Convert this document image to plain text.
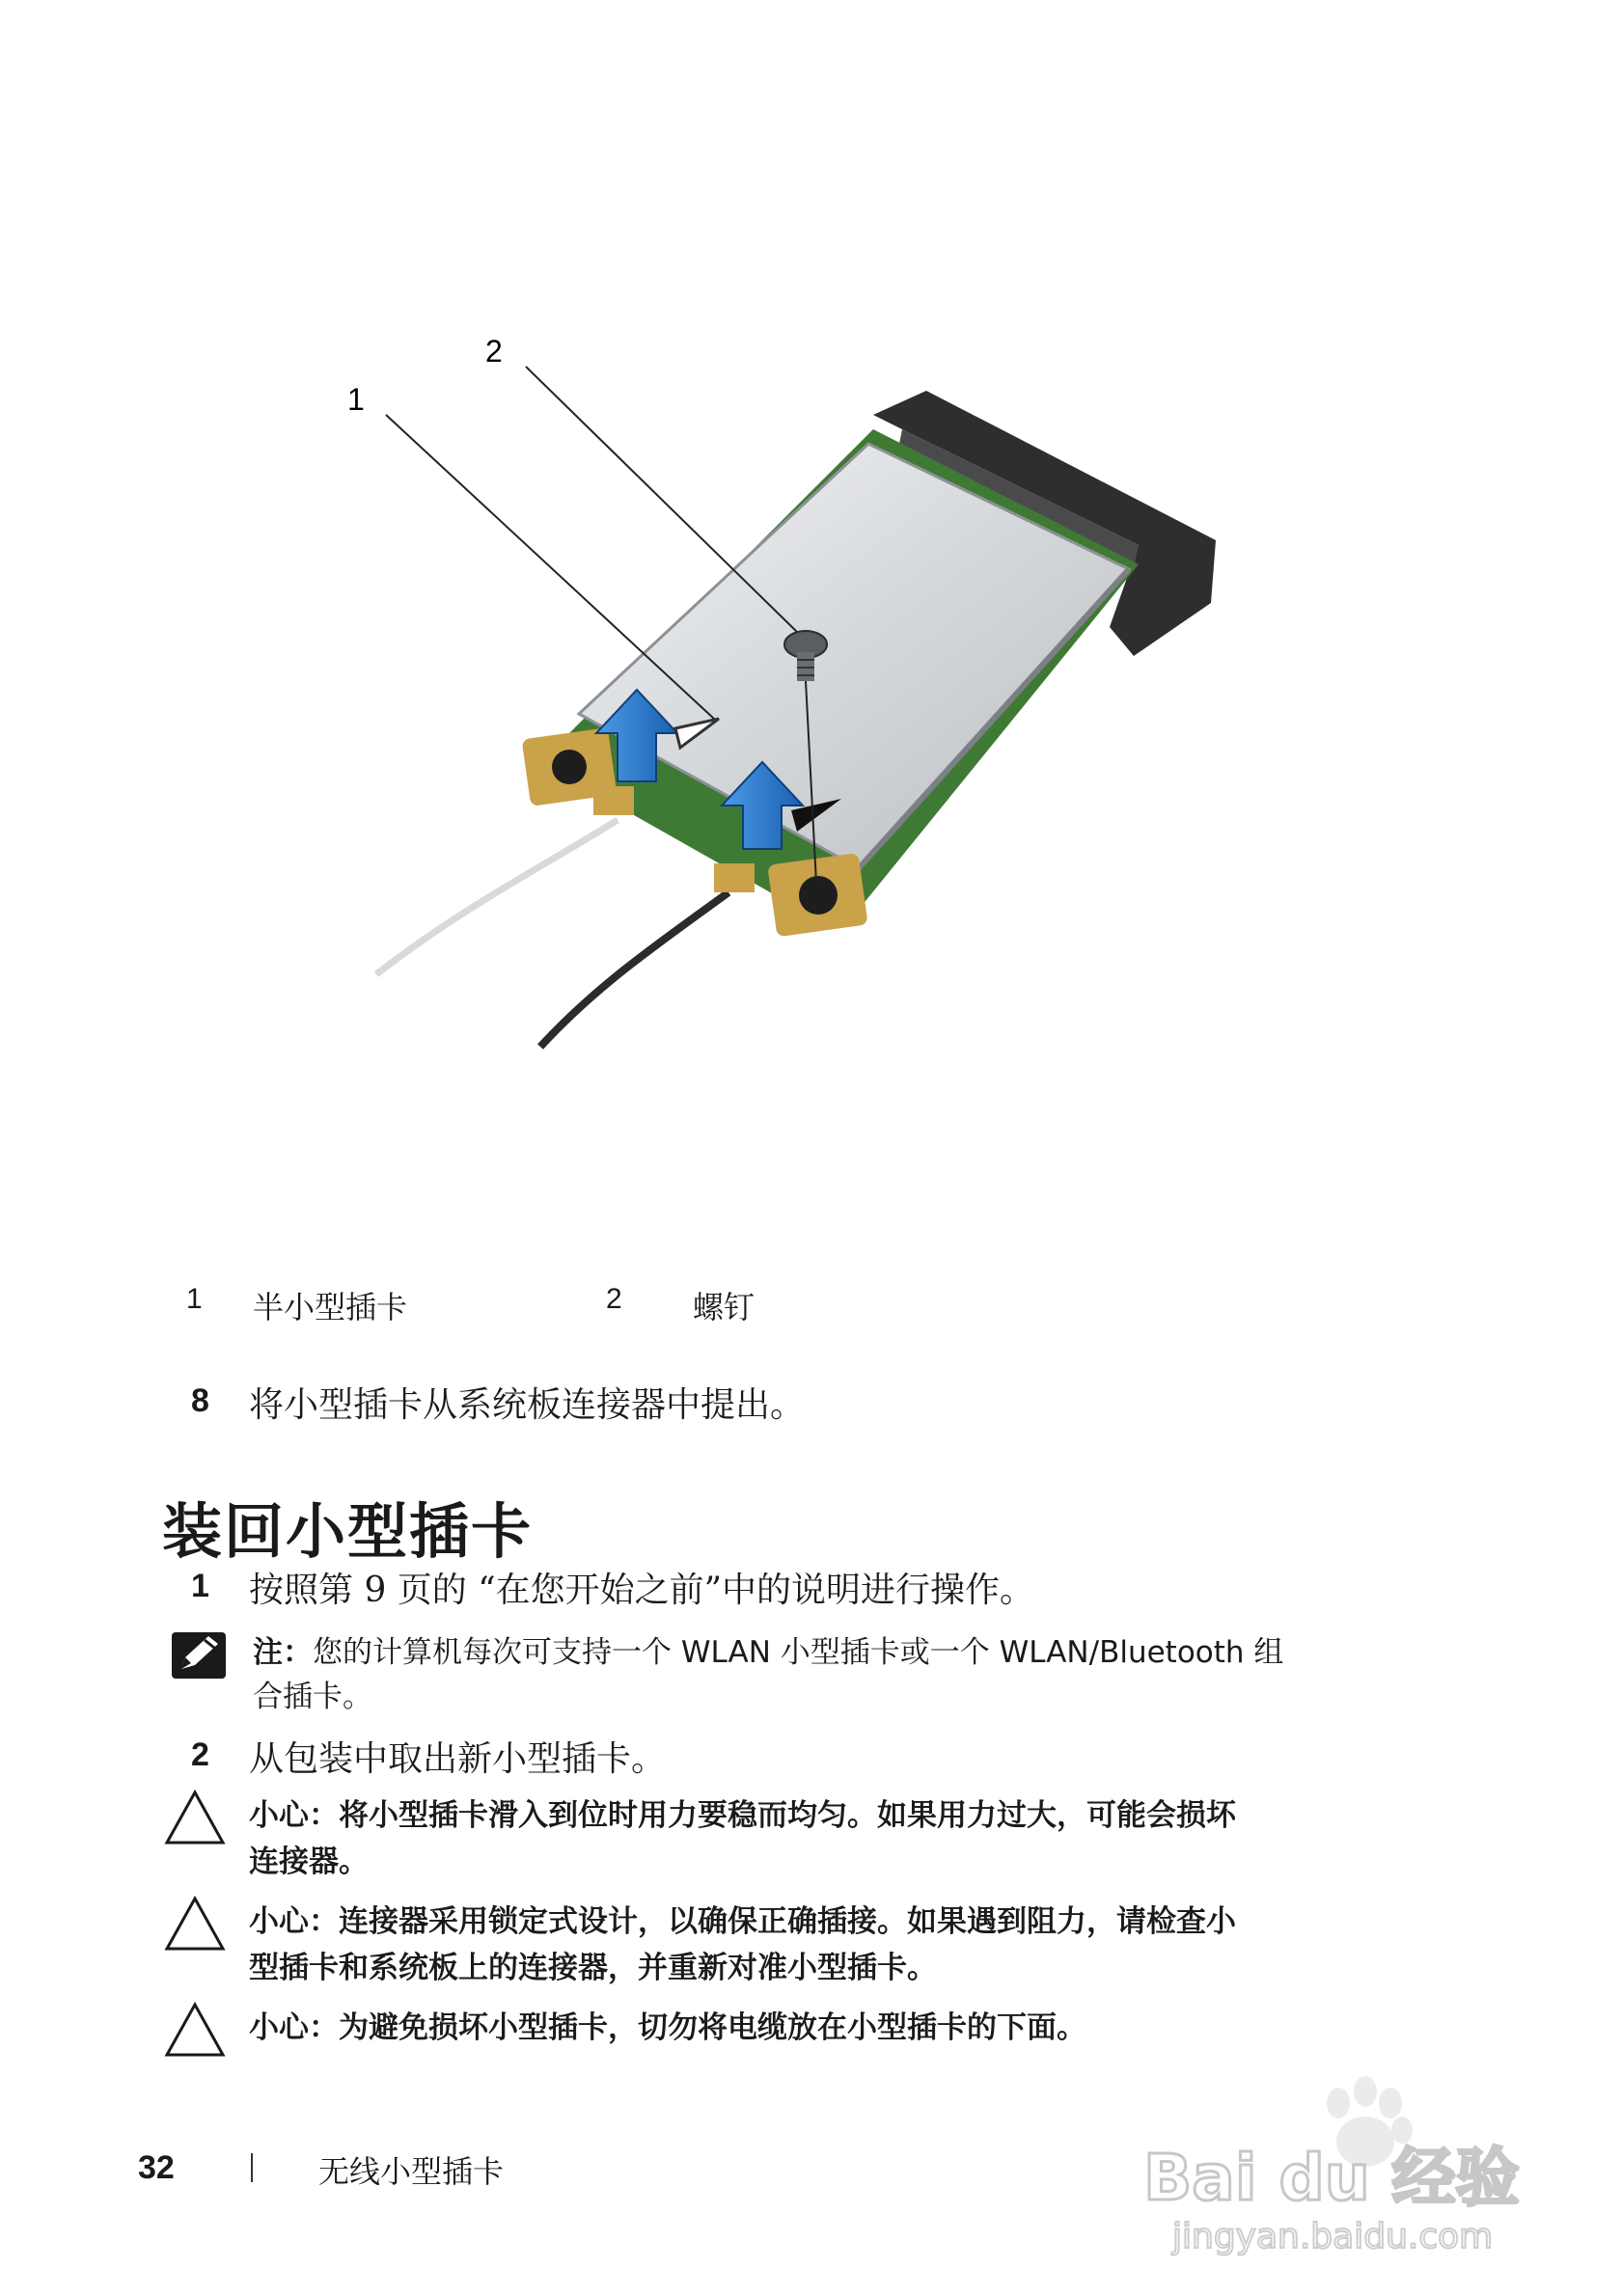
1
2
1 半小型插卡	2 螺钉
8 将小型插卡从系统板连接器中提出。
装回小型插卡
1 按照第 9 页的 “在您开始之前”中的说明进行操作。
注：您的计算机每次可支持一个 WLAN 小型插卡或一个 WLAN/Bluetooth 组
合插卡。
2 从包装中取出新小型插卡。
小心：将小型插卡滑入到位时用力要稳而均匀。如果用力过大，可能会损坏
连接器。
小心：连接器采用锁定式设计，以确保正确插接。如果遇到阻力，请检查小
型插卡和系统板上的连接器，并重新对准小型插卡。
小心：为避免损坏小型插卡，切勿将电缆放在小型插卡的下面。
32	无线小型插卡	Bai du 经验
jingyan.baidu.com
